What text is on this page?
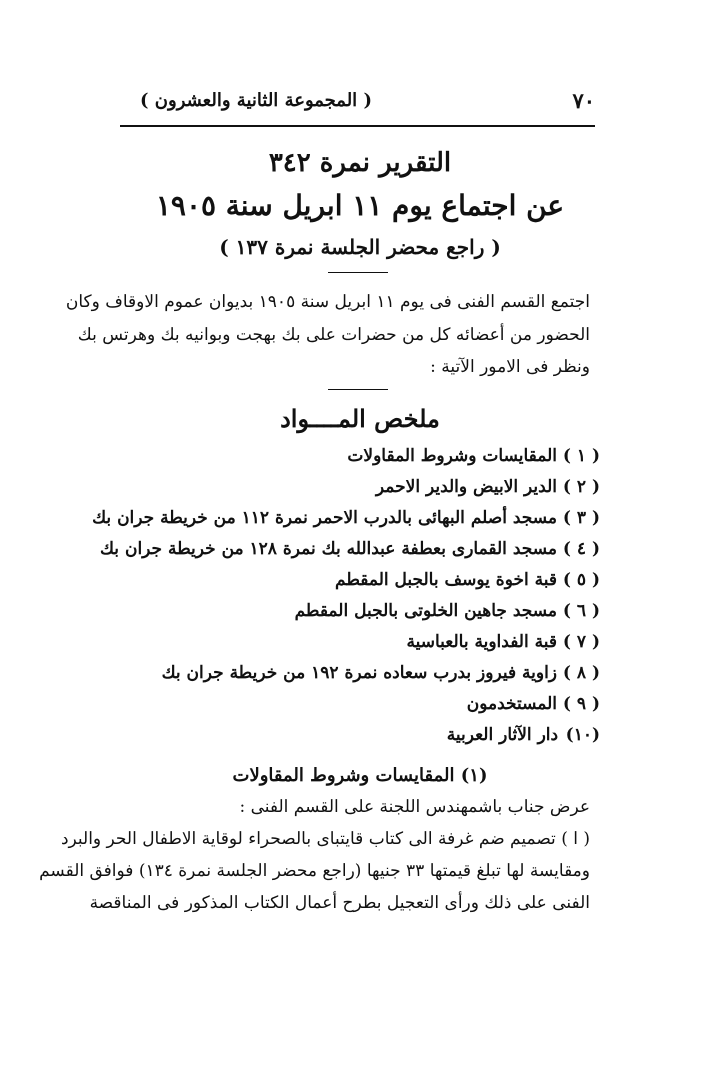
٧٠
( المجموعة الثانية والعشرون )
التقرير نمرة ٣٤٢
عن اجتماع يوم ١١ ابريل سنة ١٩٠٥
( راجع محضر الجلسة نمرة ١٣٧ )
اجتمع القسم الفنى فى يوم ١١ ابريل سنة ١٩٠٥ بديوان عموم الاوقاف وكان
الحضور من أعضائه كل من حضرات على بك بهجت وبوانيه بك وهرتس بك
ونظر فى الامور الآتية :
ملخص المــــواد
( ١ ) المقايسات وشروط المقاولات
( ٢ ) الدير الابيض والدير الاحمر
( ٣ ) مسجد أصلم البهائى بالدرب الاحمر نمرة ١١٢ من خريطة جران بك
( ٤ ) مسجد القمارى بعطفة عبدالله بك نمرة ١٢٨ من خريطة جران بك
( ٥ ) قبة اخوة يوسف بالجبل المقطم
( ٦ ) مسجد جاهين الخلوتى بالجبل المقطم
( ٧ ) قبة الفداوية بالعباسية
( ٨ ) زاوية فيروز بدرب سعاده نمرة ١٩٢ من خريطة جران بك
( ٩ ) المستخدمون
(١٠) دار الآثار العربية
(١) المقايسات وشروط المقاولات
عرض جناب باشمهندس اللجنة على القسم الفنى :
( ا ) تصميم ضم غرفة الى كتاب قايتباى بالصحراء لوقاية الاطفال الحر والبرد
ومقايسة لها تبلغ قيمتها ٣٣ جنيها (راجع محضر الجلسة نمرة ١٣٤) فوافق القسم
الفنى على ذلك ورأى التعجيل بطرح أعمال الكتاب المذكور فى المناقصة
